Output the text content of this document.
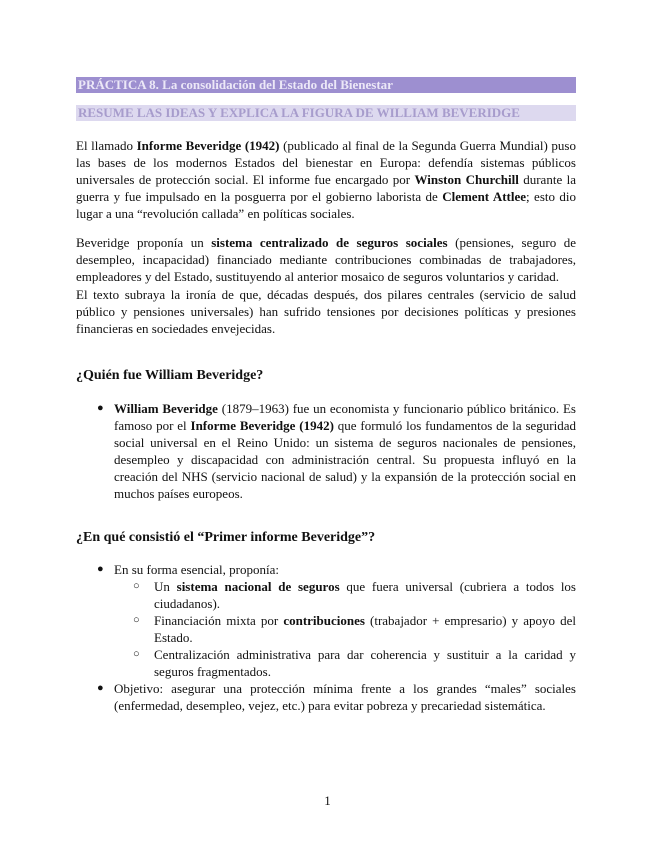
PRÁCTICA 8. La consolidación del Estado del Bienestar
RESUME LAS IDEAS Y EXPLICA LA FIGURA DE WILLIAM BEVERIDGE

El llamado Informe Beveridge (1942) (publicado al final de la Segunda Guerra Mundial) puso las bases de los modernos Estados del bienestar en Europa: defendía sistemas públicos universales de protección social. El informe fue encargado por Winston Churchill durante la guerra y fue impulsado en la posguerra por el gobierno laborista de Clement Attlee; esto dio lugar a una “revolución callada” en políticas sociales.

Beveridge proponía un sistema centralizado de seguros sociales (pensiones, seguro de desempleo, incapacidad) financiado mediante contribuciones combinadas de trabajadores, empleadores y del Estado, sustituyendo al anterior mosaico de seguros voluntarios y caridad.

El texto subraya la ironía de que, décadas después, dos pilares centrales (servicio de salud público y pensiones universales) han sufrido tensiones por decisiones políticas y presiones financieras en sociedades envejecidas.

¿Quién fue William Beveridge?
● William Beveridge (1879–1963) fue un economista y funcionario público británico. Es famoso por el Informe Beveridge (1942) que formuló los fundamentos de la seguridad social universal en el Reino Unido: un sistema de seguros nacionales de pensiones, desempleo y discapacidad con administración central. Su propuesta influyó en la creación del NHS (servicio nacional de salud) y la expansión de la protección social en muchos países europeos.
¿En qué consistió el “Primer informe Beveridge”?
● En su forma esencial, proponía:
○ Un sistema nacional de seguros que fuera universal (cubriera a todos los ciudadanos).
○ Financiación mixta por contribuciones (trabajador + empresario) y apoyo del Estado.
○ Centralización administrativa para dar coherencia y sustituir a la caridad y seguros fragmentados.
● Objetivo: asegurar una protección mínima frente a los grandes “males” sociales (enfermedad, desempleo, vejez, etc.) para evitar pobreza y precariedad sistemática.
1
